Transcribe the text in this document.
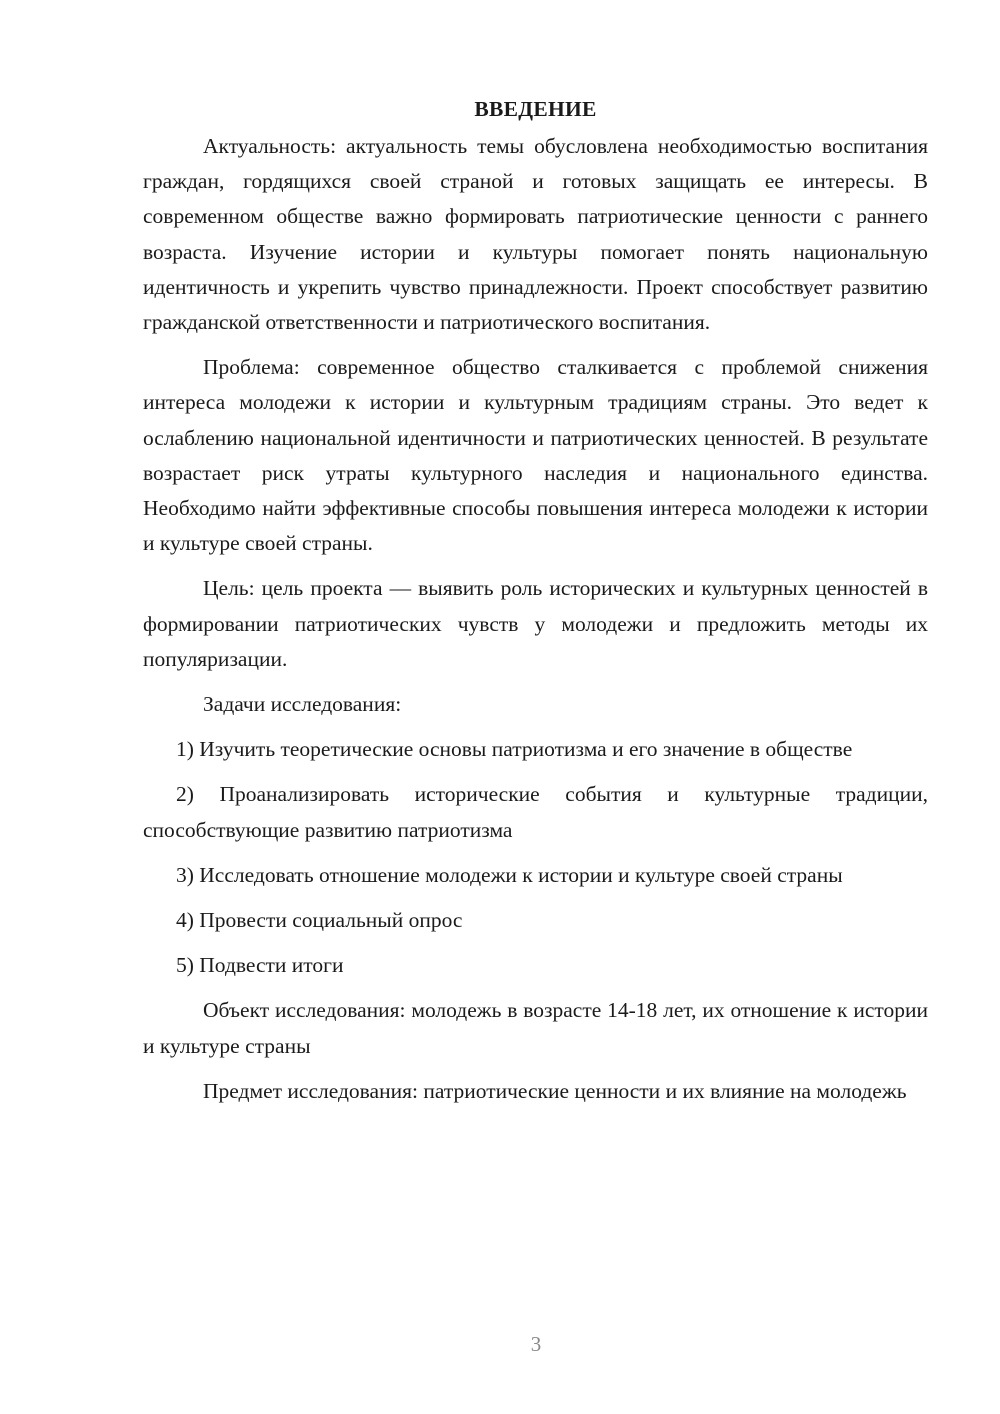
ВВЕДЕНИЕ

Актуальность: актуальность темы обусловлена необходимостью воспитания граждан, гордящихся своей страной и готовых защищать ее интересы. В современном обществе важно формировать патриотические ценности с раннего возраста. Изучение истории и культуры помогает понять национальную идентичность и укрепить чувство принадлежности. Проект способствует развитию гражданской ответственности и патриотического воспитания.

Проблема: современное общество сталкивается с проблемой снижения интереса молодежи к истории и культурным традициям страны. Это ведет к ослаблению национальной идентичности и патриотических ценностей. В результате возрастает риск утраты культурного наследия и национального единства. Необходимо найти эффективные способы повышения интереса молодежи к истории и культуре своей страны.

Цель: цель проекта — выявить роль исторических и культурных ценностей в формировании патриотических чувств у молодежи и предложить методы их популяризации.

Задачи исследования:

1) Изучить теоретические основы патриотизма и его значение в обществе

2) Проанализировать исторические события и культурные традиции, способствующие развитию патриотизма

3) Исследовать отношение молодежи к истории и культуре своей страны

4) Провести социальный опрос

5) Подвести итоги

Объект исследования: молодежь в возрасте 14-18 лет, их отношение к истории и культуре страны

Предмет исследования: патриотические ценности и их влияние на молодежь

3
